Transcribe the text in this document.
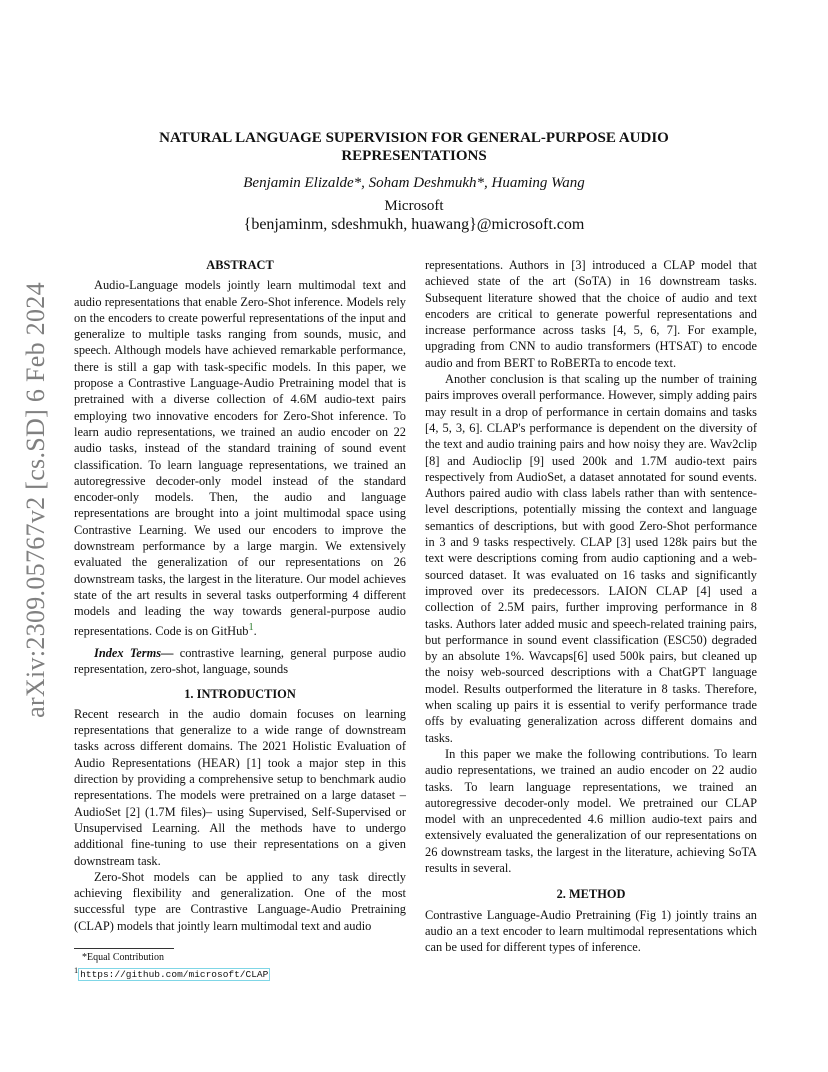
arXiv:2309.05767v2 [cs.SD] 6 Feb 2024
NATURAL LANGUAGE SUPERVISION FOR GENERAL-PURPOSE AUDIO REPRESENTATIONS
Benjamin Elizalde*, Soham Deshmukh*, Huaming Wang
Microsoft
{benjaminm, sdeshmukh, huawang}@microsoft.com
ABSTRACT

Audio-Language models jointly learn multimodal text and audio representations that enable Zero-Shot inference. Models rely on the encoders to create powerful representations of the input and generalize to multiple tasks ranging from sounds, music, and speech. Although models have achieved remarkable performance, there is still a gap with task-specific models. In this paper, we propose a Contrastive Language-Audio Pretraining model that is pretrained with a diverse collection of 4.6M audio-text pairs employing two innovative encoders for Zero-Shot inference. To learn audio representations, we trained an audio encoder on 22 audio tasks, instead of the standard training of sound event classification. To learn language representations, we trained an autoregressive decoder-only model instead of the standard encoder-only models. Then, the audio and language representations are brought into a joint multimodal space using Contrastive Learning. We used our encoders to improve the downstream performance by a large margin. We extensively evaluated the generalization of our representations on 26 downstream tasks, the largest in the literature. Our model achieves state of the art results in several tasks outperforming 4 different models and leading the way towards general-purpose audio representations. Code is on GitHub$^1$.

Index Terms— contrastive learning, general purpose audio representation, zero-shot, language, sounds

1. INTRODUCTION

Recent research in the audio domain focuses on learning representations that generalize to a wide range of downstream tasks across different domains. The 2021 Holistic Evaluation of Audio Representations (HEAR) [1] took a major step in this direction by providing a comprehensive setup to benchmark audio representations. The models were pretrained on a large dataset –AudioSet [2] (1.7M files)– using Supervised, Self-Supervised or Unsupervised Learning. All the methods have to undergo additional fine-tuning to use their representations on a given downstream task.

Zero-Shot models can be applied to any task directly achieving flexibility and generalization. One of the most successful type are Contrastive Language-Audio Pretraining (CLAP) models that jointly learn multimodal text and audio

representations. Authors in [3] introduced a CLAP model that achieved state of the art (SoTA) in 16 downstream tasks. Subsequent literature showed that the choice of audio and text encoders are critical to generate powerful representations and increase performance across tasks [4, 5, 6, 7]. For example, upgrading from CNN to audio transformers (HTSAT) to encode audio and from BERT to RoBERTa to encode text.

Another conclusion is that scaling up the number of training pairs improves overall performance. However, simply adding pairs may result in a drop of performance in certain domains and tasks [4, 5, 3, 6]. CLAP's performance is dependent on the diversity of the text and audio training pairs and how noisy they are. Wav2clip [8] and Audioclip [9] used 200k and 1.7M audio-text pairs respectively from AudioSet, a dataset annotated for sound events. Authors paired audio with class labels rather than with sentence-level descriptions, potentially missing the context and language semantics of descriptions, but with good Zero-Shot performance in 3 and 9 tasks respectively. CLAP [3] used 128k pairs but the text were descriptions coming from audio captioning and a web-sourced dataset. It was evaluated on 16 tasks and significantly improved over its predecessors. LAION CLAP [4] used a collection of 2.5M pairs, further improving performance in 8 tasks. Authors later added music and speech-related training pairs, but performance in sound event classification (ESC50) degraded by an absolute 1%. Wavcaps[6] used 500k pairs, but cleaned up the noisy web-sourced descriptions with a ChatGPT language model. Results outperformed the literature in 8 tasks. Therefore, when scaling up pairs it is essential to verify performance trade offs by evaluating generalization across different domains and tasks.

In this paper we make the following contributions. To learn audio representations, we trained an audio encoder on 22 audio tasks. To learn language representations, we trained an autoregressive decoder-only model. We pretrained our CLAP model with an unprecedented 4.6 million audio-text pairs and extensively evaluated the generalization of our representations on 26 downstream tasks, the largest in the literature, achieving SoTA results in several.

2. METHOD

Contrastive Language-Audio Pretraining (Fig 1) jointly trains an audio an a text encoder to learn multimodal representations which can be used for different types of inference.

*Equal Contribution
$^1$ https://github.com/microsoft/CLAP
